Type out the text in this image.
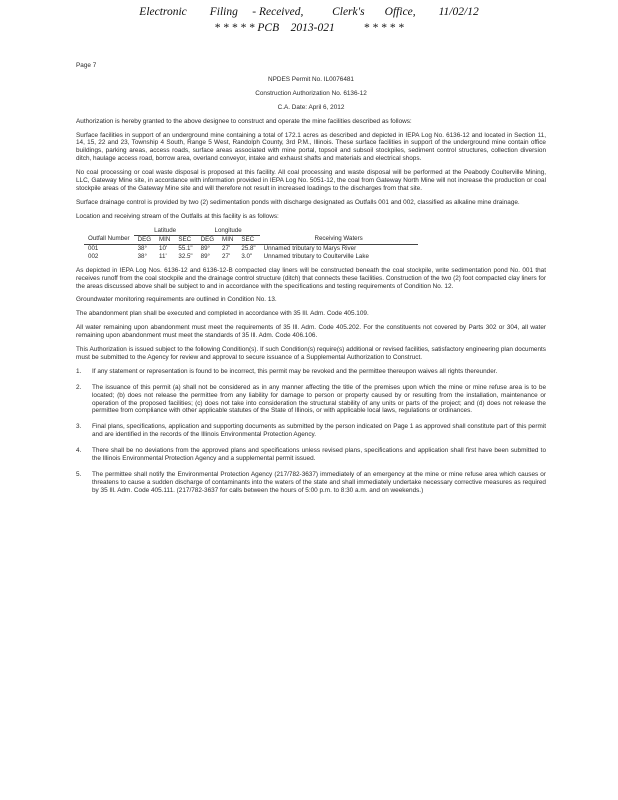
Electronic        Filing     - Received,          Clerk's       Office,        11/02/12
* * * * * PCB    2013-021          * * * * *
Page 7
NPDES Permit No. IL0076481
Construction Authorization No. 6136-12
C.A. Date: April 6, 2012

Authorization is hereby granted to the above designee to construct and operate the mine facilities described as follows:

Surface facilities in support of an underground mine containing a total of 172.1 acres as described and depicted in IEPA Log No. 6136-12 and located in Section 11, 14, 15, 22 and 23, Township 4 South, Range 5 West, Randolph County, 3rd P.M., Illinois. These surface facilities in support of the underground mine contain office buildings, parking areas, access roads, surface areas associated with mine portal, topsoil and subsoil stockpiles, sediment control structures, collection diversion ditch, haulage access road, borrow area, overland conveyor, intake and exhaust shafts and materials and electrical shops.

No coal processing or coal waste disposal is proposed at this facility. All coal processing and waste disposal will be performed at the Peabody Coulterville Mining, LLC, Gateway Mine site, in accordance with information provided in IEPA Log No. 5051-12, the coal from Gateway North Mine will not increase the production or coal stockpile areas of the Gateway Mine site and will therefore not result in increased loadings to the discharges from that site.

Surface drainage control is provided by two (2) sedimentation ponds with discharge designated as Outfalls 001 and 002, classified as alkaline mine drainage.

Location and receiving stream of the Outfalls at this facility is as follows:

	Latitude			Longitude			
Outfall Number	DEG	MIN	SEC	DEG	MIN	SEC	Receiving Waters
001	38°	10'	55.1"	89°	27'	25.8"	Unnamed tributary to Marys River
002	38°	11'	32.5"	89°	27'	3.0"	Unnamed tributary to Coulterville Lake

As depicted in IEPA Log Nos. 6136-12 and 6136-12-B compacted clay liners will be constructed beneath the coal stockpile, write sedimentation pond No. 001 that receives runoff from the coal stockpile and the drainage control structure (ditch) that connects these facilities. Construction of the two (2) foot compacted clay liners for the areas discussed above shall be subject to and in accordance with the specifications and testing requirements of Condition No. 12.

Groundwater monitoring requirements are outlined in Condition No. 13.

The abandonment plan shall be executed and completed in accordance with 35 Ill. Adm. Code 405.109.

All water remaining upon abandonment must meet the requirements of 35 Ill. Adm. Code 405.202. For the constituents not covered by Parts 302 or 304, all water remaining upon abandonment must meet the standards of 35 Ill. Adm. Code 406.106.

This Authorization is issued subject to the following Condition(s). If such Condition(s) require(s) additional or revised facilities, satisfactory engineering plan documents must be submitted to the Agency for review and approval to secure issuance of a Supplemental Authorization to Construct.

1.	If any statement or representation is found to be incorrect, this permit may be revoked and the permittee thereupon waives all rights thereunder.
2.	The issuance of this permit (a) shall not be considered as in any manner affecting the title of the premises upon which the mine or mine refuse area is to be located; (b) does not release the permittee from any liability for damage to person or property caused by or resulting from the installation, maintenance or operation of the proposed facilities; (c) does not take into consideration the structural stability of any units or parts of the project; and (d) does not release the permittee from compliance with other applicable statutes of the State of Illinois, or with applicable local laws, regulations or ordinances.
3.	Final plans, specifications, application and supporting documents as submitted by the person indicated on Page 1 as approved shall constitute part of this permit and are identified in the records of the Illinois Environmental Protection Agency.
4.	There shall be no deviations from the approved plans and specifications unless revised plans, specifications and application shall first have been submitted to the Illinois Environmental Protection Agency and a supplemental permit issued.
5.	The permittee shall notify the Environmental Protection Agency (217/782-3637) immediately of an emergency at the mine or mine refuse area which causes or threatens to cause a sudden discharge of contaminants into the waters of the state and shall immediately undertake necessary corrective measures as required by 35 Ill. Adm. Code 405.111. (217/782-3637 for calls between the hours of 5:00 p.m. to 8:30 a.m. and on weekends.)
